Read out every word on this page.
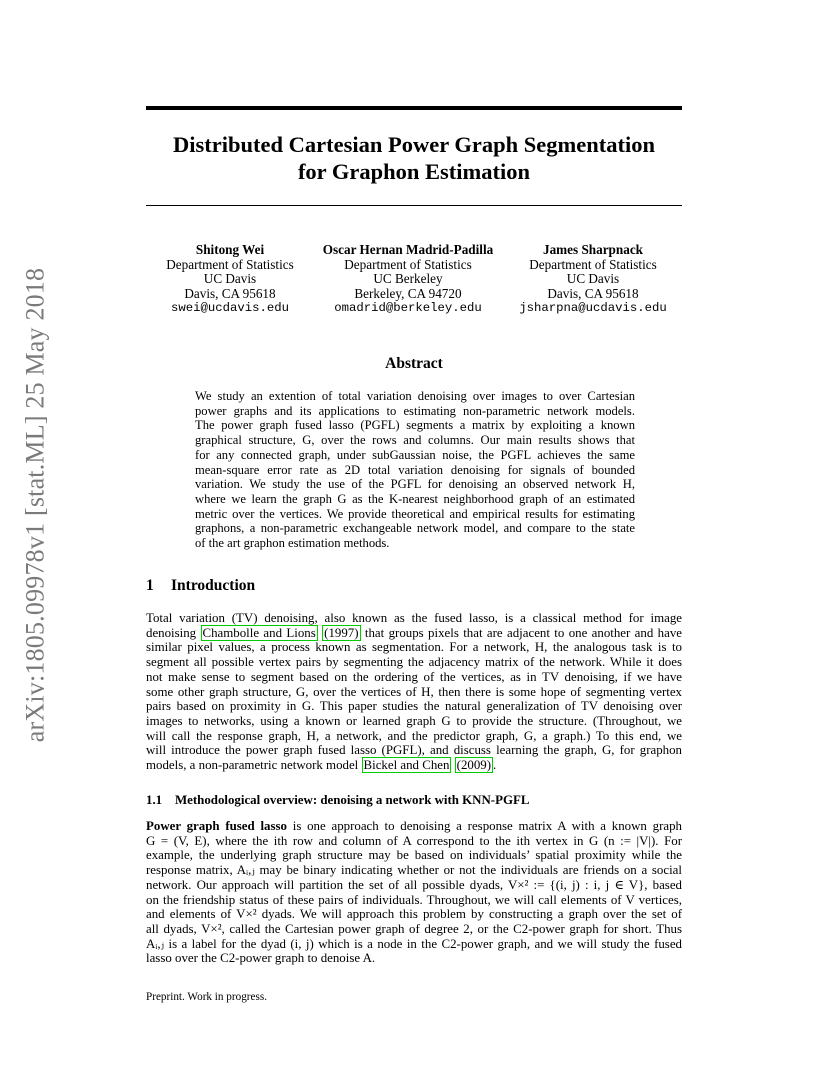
arXiv:1805.09978v1 [stat.ML] 25 May 2018
Distributed Cartesian Power Graph Segmentation
for Graphon Estimation
Shitong Wei
Department of Statistics
UC Davis
Davis, CA 95618
swei@ucdavis.edu
Oscar Hernan Madrid-Padilla
Department of Statistics
UC Berkeley
Berkeley, CA 94720
omadrid@berkeley.edu
James Sharpnack
Department of Statistics
UC Davis
Davis, CA 95618
jsharpna@ucdavis.edu
Abstract
We study an extention of total variation denoising over images to over Cartesian
power graphs and its applications to estimating non-parametric network models.
The power graph fused lasso (PGFL) segments a matrix by exploiting a known
graphical structure, G, over the rows and columns. Our main results shows that
for any connected graph, under subGaussian noise, the PGFL achieves the same
mean-square error rate as 2D total variation denoising for signals of bounded
variation. We study the use of the PGFL for denoising an observed network H,
where we learn the graph G as the K-nearest neighborhood graph of an estimated
metric over the vertices. We provide theoretical and empirical results for estimating
graphons, a non-parametric exchangeable network model, and compare to the state
of the art graphon estimation methods.
1 Introduction
Total variation (TV) denoising, also known as the fused lasso, is a classical method for image
denoising Chambolle and Lions (1997) that groups pixels that are adjacent to one another and have
similar pixel values, a process known as segmentation. For a network, H, the analogous task is to
segment all possible vertex pairs by segmenting the adjacency matrix of the network. While it does
not make sense to segment based on the ordering of the vertices, as in TV denoising, if we have
some other graph structure, G, over the vertices of H, then there is some hope of segmenting vertex
pairs based on proximity in G. This paper studies the natural generalization of TV denoising over
images to networks, using a known or learned graph G to provide the structure. (Throughout, we
will call the response graph, H, a network, and the predictor graph, G, a graph.) To this end, we
will introduce the power graph fused lasso (PGFL), and discuss learning the graph, G, for graphon
models, a non-parametric network model Bickel and Chen (2009) .
1.1 Methodological overview: denoising a network with KNN-PGFL
Power graph fused lasso is one approach to denoising a response matrix A with a known graph
G = (V, E), where the ith row and column of A correspond to the ith vertex in G (n := |V|). For
example, the underlying graph structure may be based on individuals’ spatial proximity while the
response matrix, Aᵢ,ⱼ may be binary indicating whether or not the individuals are friends on a social
network. Our approach will partition the set of all possible dyads, V×² := {(i, j) : i, j ∈ V}, based
on the friendship status of these pairs of individuals. Throughout, we will call elements of V vertices,
and elements of V×² dyads. We will approach this problem by constructing a graph over the set of
all dyads, V×², called the Cartesian power graph of degree 2, or the C2-power graph for short. Thus
Aᵢ,ⱼ is a label for the dyad (i, j) which is a node in the C2-power graph, and we will study the fused
lasso over the C2-power graph to denoise A.
Preprint. Work in progress.
